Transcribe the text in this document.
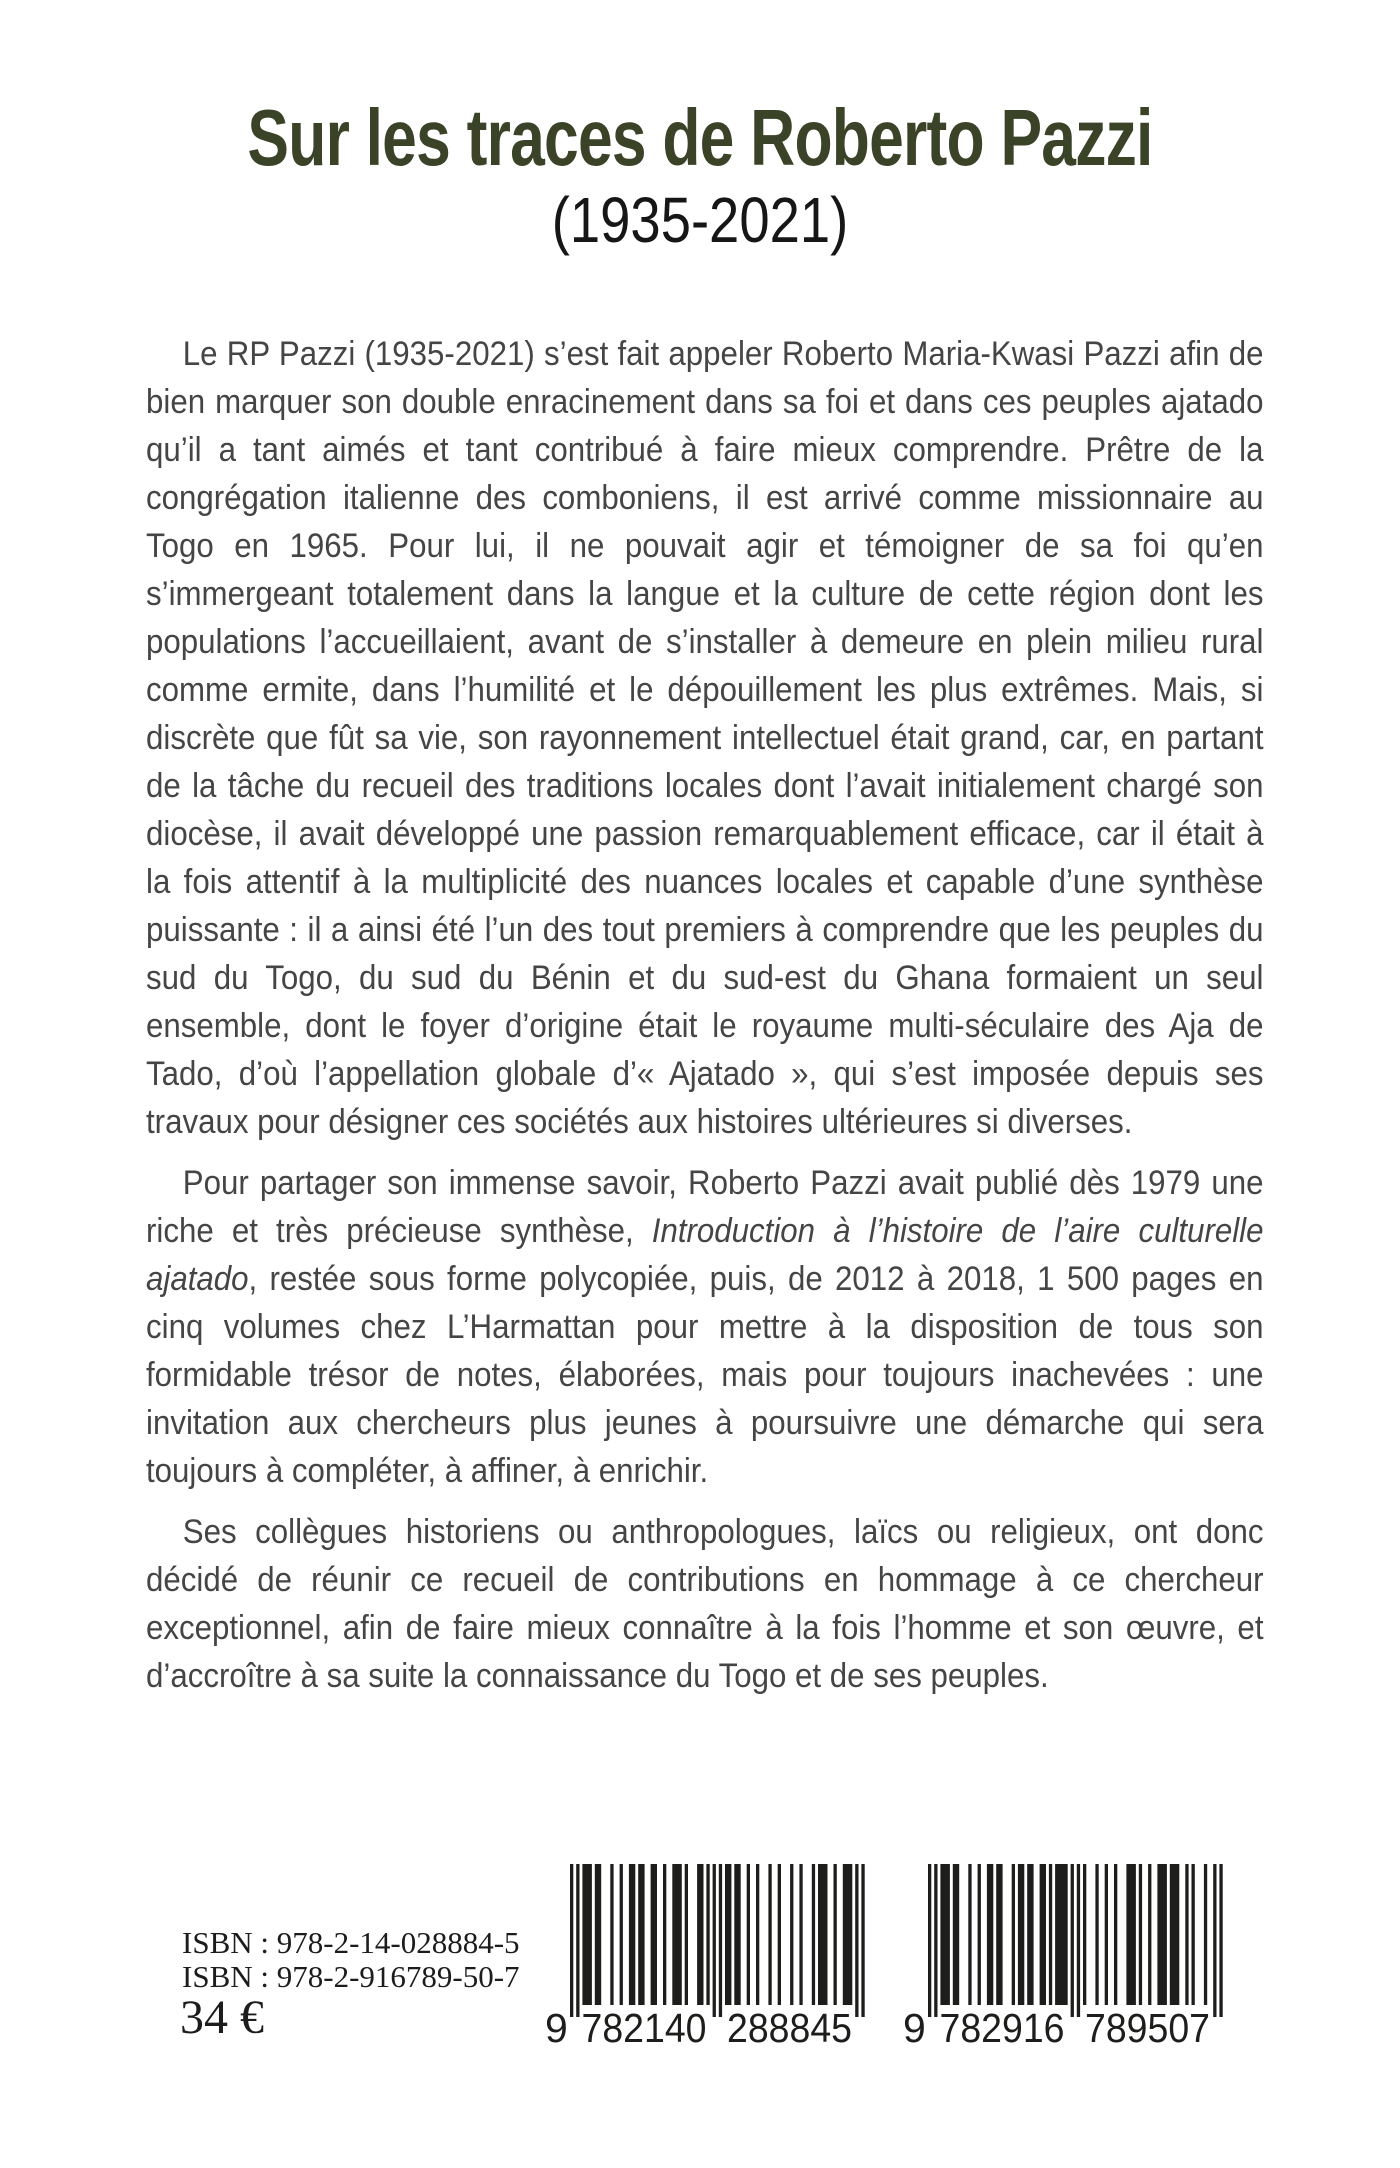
Sur les traces de Roberto Pazzi
(1935-2021)

Le RP Pazzi (1935-2021) s’est fait appeler Roberto Maria-Kwasi Pazzi afin de bien marquer son double enracinement dans sa foi et dans ces peuples ajatado qu’il a tant aimés et tant contribué à faire mieux comprendre. Prêtre de la congrégation italienne des comboniens, il est arrivé comme missionnaire au Togo en 1965. Pour lui, il ne pouvait agir et témoigner de sa foi qu’en s’immergeant totalement dans la langue et la culture de cette région dont les populations l’accueillaient, avant de s’installer à demeure en plein milieu rural comme ermite, dans l’humilité et le dépouillement les plus extrêmes. Mais, si discrète que fût sa vie, son rayonnement intellectuel était grand, car, en partant de la tâche du recueil des traditions locales dont l’avait initialement chargé son diocèse, il avait développé une passion remarquablement efficace, car il était à la fois attentif à la multiplicité des nuances locales et capable d’une synthèse puissante : il a ainsi été l’un des tout premiers à comprendre que les peuples du sud du Togo, du sud du Bénin et du sud-est du Ghana formaient un seul ensemble, dont le foyer d’origine était le royaume multi-séculaire des Aja de Tado, d’où l’appellation globale d’« Ajatado », qui s’est imposée depuis ses travaux pour désigner ces sociétés aux histoires ultérieures si diverses.

Pour partager son immense savoir, Roberto Pazzi avait publié dès 1979 une riche et très précieuse synthèse, Introduction à l’histoire de l’aire culturelle ajatado, restée sous forme polycopiée, puis, de 2012 à 2018, 1 500 pages en cinq volumes chez L’Harmattan pour mettre à la disposition de tous son formidable trésor de notes, élaborées, mais pour toujours inachevées : une invitation aux chercheurs plus jeunes à poursuivre une démarche qui sera toujours à compléter, à affiner, à enrichir.

Ses collègues historiens ou anthropologues, laïcs ou religieux, ont donc décidé de réunir ce recueil de contributions en hommage à ce chercheur exceptionnel, afin de faire mieux connaître à la fois l’homme et son œuvre, et d’accroître à sa suite la connaissance du Togo et de ses peuples.

ISBN : 978-2-14-028884-5
ISBN : 978-2-916789-50-7
34 €	9 782140 288845 9 782916 789507
